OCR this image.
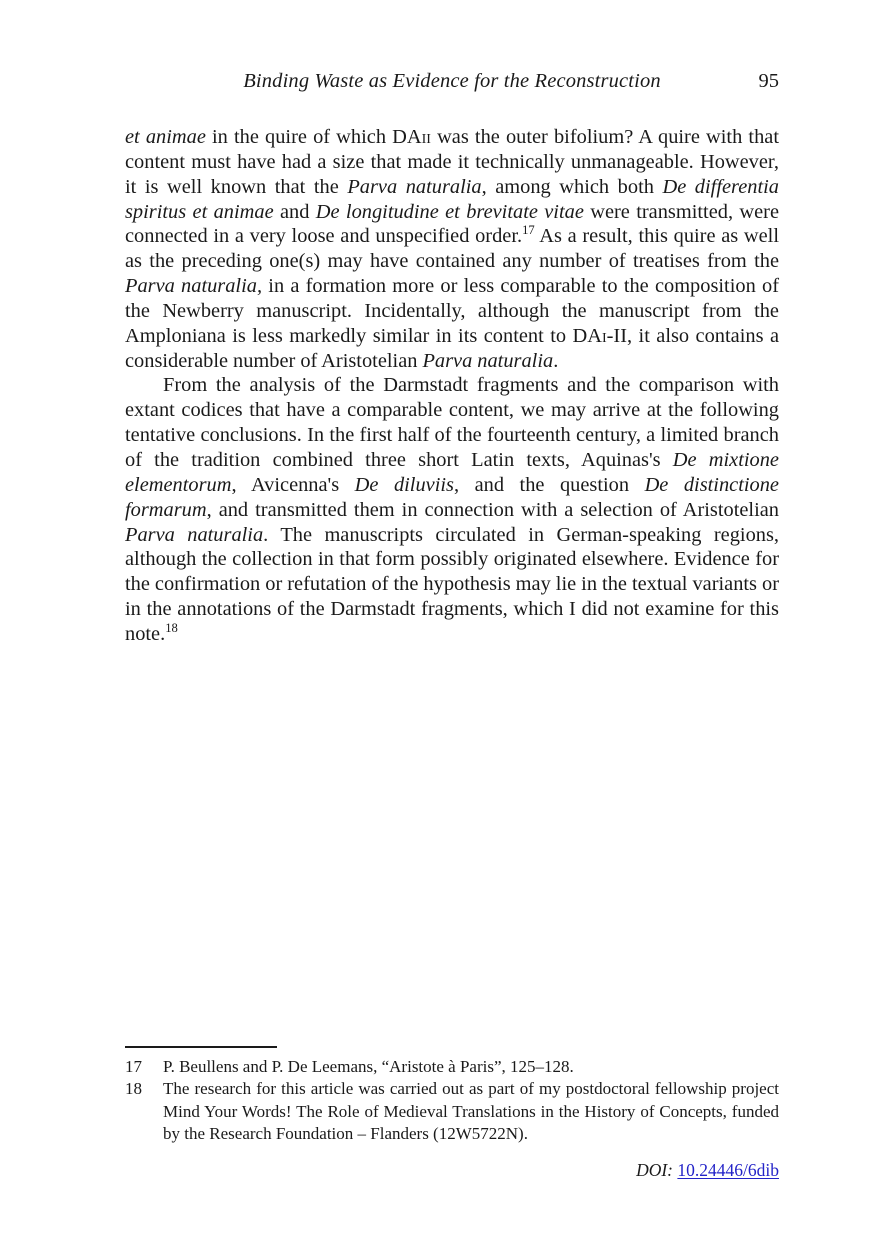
Binding Waste as Evidence for the Reconstruction	95

et animae in the quire of which DAii was the outer bifolium? A quire with that content must have had a size that made it technically unmanageable. However, it is well known that the Parva naturalia, among which both De differentia spiritus et animae and De longitudine et brevitate vitae were transmitted, were connected in a very loose and unspecified order.$^{17}$ As a result, this quire as well as the preceding one(s) may have contained any number of treatises from the Parva naturalia, in a formation more or less comparable to the composition of the Newberry manuscript. Incidentally, although the manuscript from the Amploniana is less markedly similar in its content to DAi-II, it also contains a considerable number of Aristotelian Parva naturalia.

From the analysis of the Darmstadt fragments and the comparison with extant codices that have a comparable content, we may arrive at the following tentative conclusions. In the first half of the fourteenth century, a limited branch of the tradition combined three short Latin texts, Aquinas's De mixtione elementorum, Avicenna's De diluviis, and the question De distinctione formarum, and transmitted them in connection with a selection of Aristotelian Parva naturalia. The manuscripts circulated in German-speaking regions, although the collection in that form possibly originated elsewhere. Evidence for the confirmation or refutation of the hypothesis may lie in the textual variants or in the annotations of the Darmstadt fragments, which I did not examine for this note.$^{18}$

17	P. Beullens and P. De Leemans, “Aristote à Paris”, 125–128.

18	The research for this article was carried out as part of my postdoctoral fellowship project Mind Your Words! The Role of Medieval Translations in the History of Concepts, funded by the Research Foundation – Flanders (12W5722N).

DOI: 10.24446/6dib
